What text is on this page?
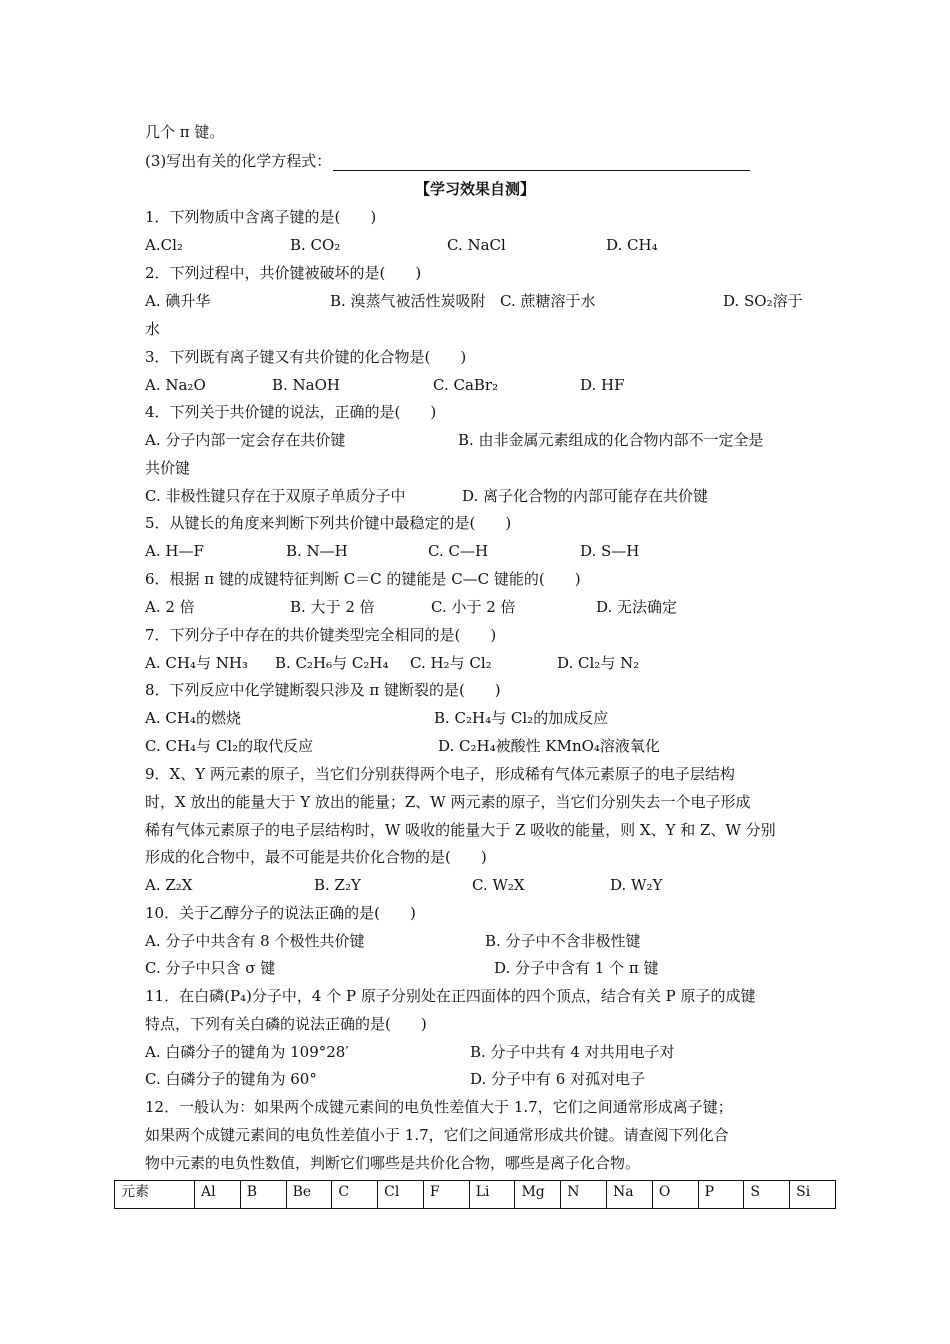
几个 π 键。
(3)写出有关的化学方程式：
【学习效果自测】
1．下列物质中含离子键的是(　　)
A.Cl₂	B. CO₂	C. NaCl	D. CH₄
2．下列过程中，共价键被破坏的是(　　)
A. 碘升华	B. 溴蒸气被活性炭吸附 C. 蔗糖溶于水	D. SO₂溶于
水
3．下列既有离子键又有共价键的化合物是(　　)
A. Na₂O	B. NaOH	C. CaBr₂	D. HF
4．下列关于共价键的说法，正确的是(　　)
A. 分子内部一定会存在共价键	B. 由非金属元素组成的化合物内部不一定全是
共价键
C. 非极性键只存在于双原子单质分子中	D. 离子化合物的内部可能存在共价键
5．从键长的角度来判断下列共价键中最稳定的是(　　)
A. H—F	B. N—H	C. C—H	D. S—H
6．根据 π 键的成键特征判断 C＝C 的键能是 C—C 键能的(　　)
A. 2 倍	B. 大于 2 倍	C. 小于 2 倍	D. 无法确定
7．下列分子中存在的共价键类型完全相同的是(　　)
A. CH₄与 NH₃ B. C₂H₆与 C₂H₄ C. H₂与 Cl₂	D. Cl₂与 N₂
8．下列反应中化学键断裂只涉及 π 键断裂的是(　　)
A. CH₄的燃烧	B. C₂H₄与 Cl₂的加成反应
C. CH₄与 Cl₂的取代反应	D. C₂H₄被酸性 KMnO₄溶液氧化
9．X、Y 两元素的原子，当它们分别获得两个电子，形成稀有气体元素原子的电子层结构
时，X 放出的能量大于 Y 放出的能量；Z、W 两元素的原子，当它们分别失去一个电子形成
稀有气体元素原子的电子层结构时，W 吸收的能量大于 Z 吸收的能量，则 X、Y 和 Z、W 分别
形成的化合物中，最不可能是共价化合物的是(　　)
A. Z₂X	B. Z₂Y	C. W₂X	D. W₂Y
10．关于乙醇分子的说法正确的是(　　)
A. 分子中共含有 8 个极性共价键	B. 分子中不含非极性键
C. 分子中只含 σ 键	D. 分子中含有 1 个 π 键
11．在白磷(P₄)分子中，4 个 P 原子分别处在正四面体的四个顶点，结合有关 P 原子的成键
特点，下列有关白磷的说法正确的是(　　)
A. 白磷分子的键角为 109°28′	B. 分子中共有 4 对共用电子对
C. 白磷分子的键角为 60°	D. 分子中有 6 对孤对电子
12．一般认为：如果两个成键元素间的电负性差值大于 1.7，它们之间通常形成离子键；
如果两个成键元素间的电负性差值小于 1.7，它们之间通常形成共价键。请查阅下列化合
物中元素的电负性数值，判断它们哪些是共价化合物，哪些是离子化合物。
元素	Al	B	Be	C	Cl	F	Li	Mg	N	Na	O	P	S	Si
